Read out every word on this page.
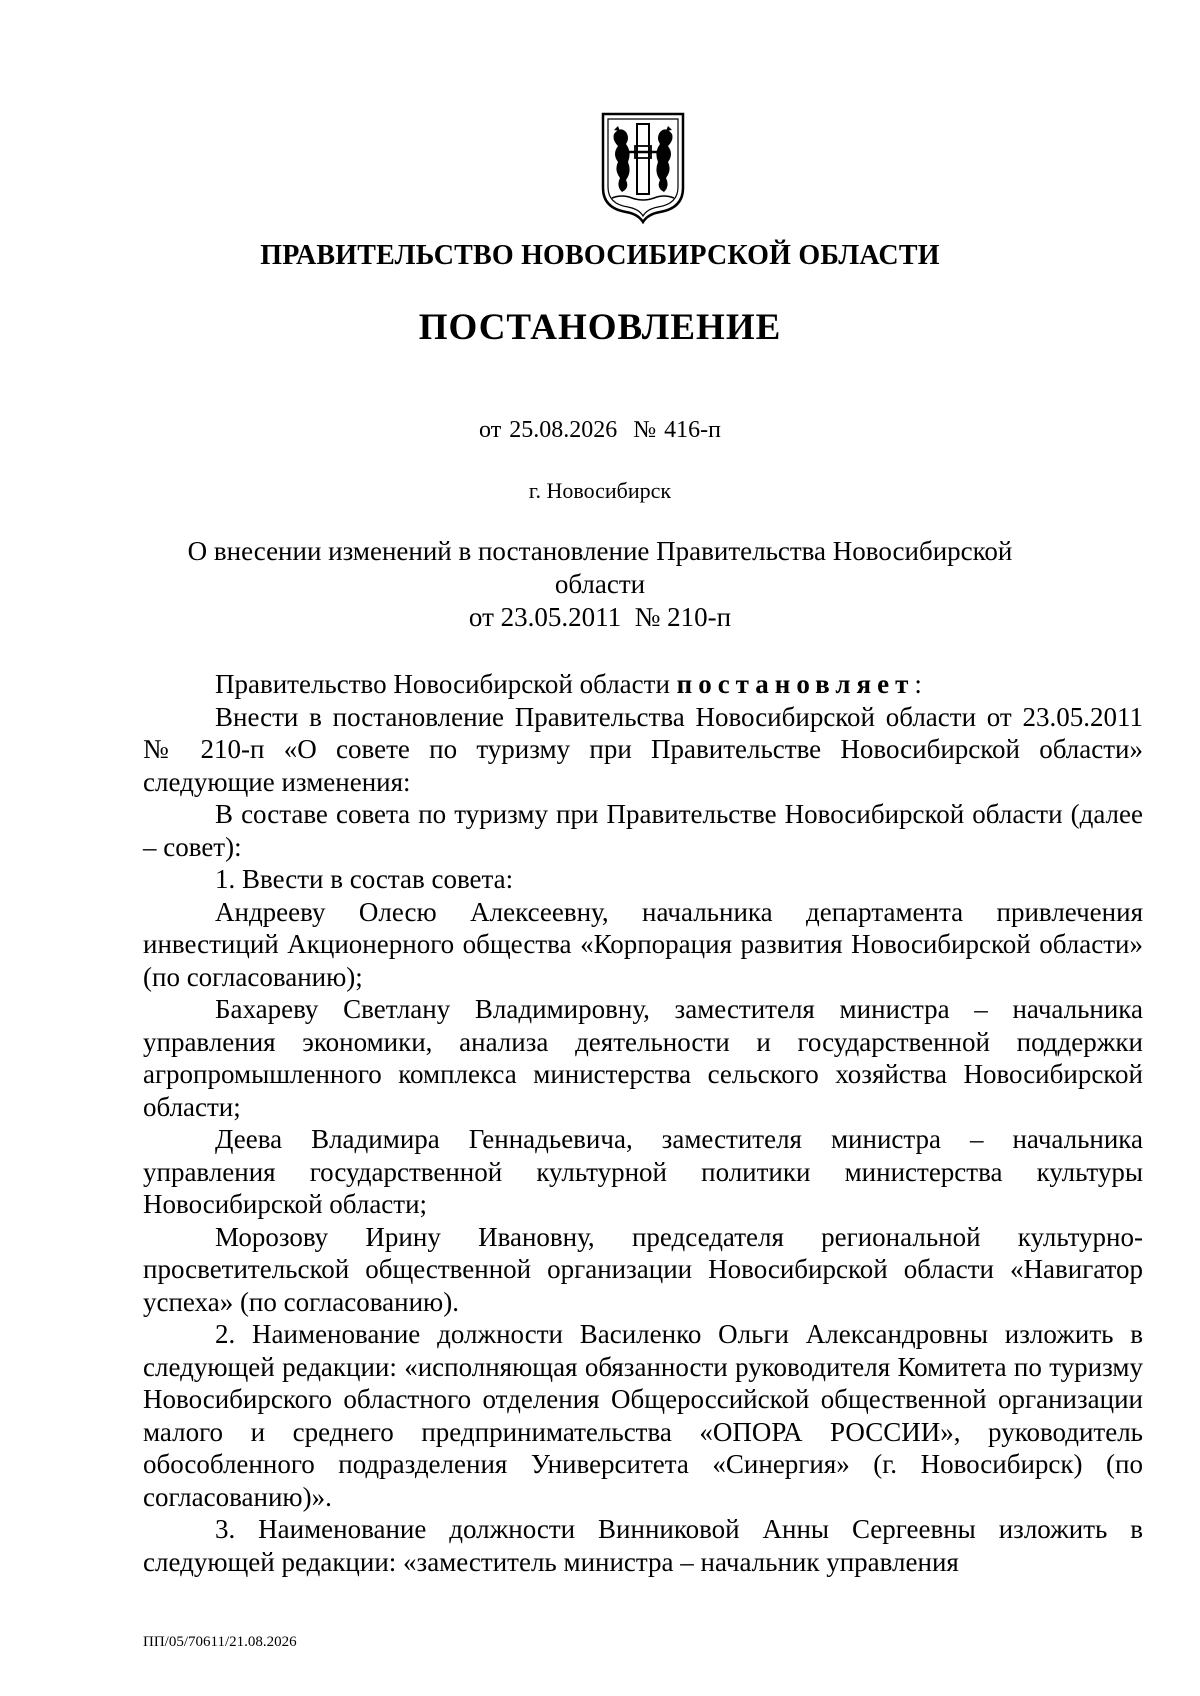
ПРАВИТЕЛЬСТВО НОВОСИБИРСКОЙ ОБЛАСТИ
ПОСТАНОВЛЕНИЕ
от 25.08.2026  № 416-п
г. Новосибирск
О внесении изменений в постановление Правительства Новосибирской области
от 23.05.2011  № 210-п

Правительство Новосибирской области постановляет:

Внести в постановление Правительства Новосибирской области от 23.05.2011 № 210-п «О совете по туризму при Правительстве Новосибирской области» следующие изменения:

В составе совета по туризму при Правительстве Новосибирской области (далее – совет):

1. Ввести в состав совета:

Андрееву Олесю Алексеевну, начальника департамента привлечения инвестиций Акционерного общества «Корпорация развития Новосибирской области» (по согласованию);

Бахареву Светлану Владимировну, заместителя министра – начальника управления экономики, анализа деятельности и государственной поддержки агропромышленного комплекса министерства сельского хозяйства Новосибирской области;

Деева Владимира Геннадьевича, заместителя министра – начальника управления государственной культурной политики министерства культуры Новосибирской области;

Морозову Ирину Ивановну, председателя региональной культурно-просветительской общественной организации Новосибирской области «Навигатор успеха» (по согласованию).

2. Наименование должности Василенко Ольги Александровны изложить в следующей редакции: «исполняющая обязанности руководителя Комитета по туризму Новосибирского областного отделения Общероссийской общественной организации малого и среднего предпринимательства «ОПОРА РОССИИ», руководитель обособленного подразделения Университета «Синергия» (г. Новосибирск) (по согласованию)».

3. Наименование должности Винниковой Анны Сергеевны изложить в следующей редакции: «заместитель министра – начальник управления

ПП/05/70611/21.08.2026
